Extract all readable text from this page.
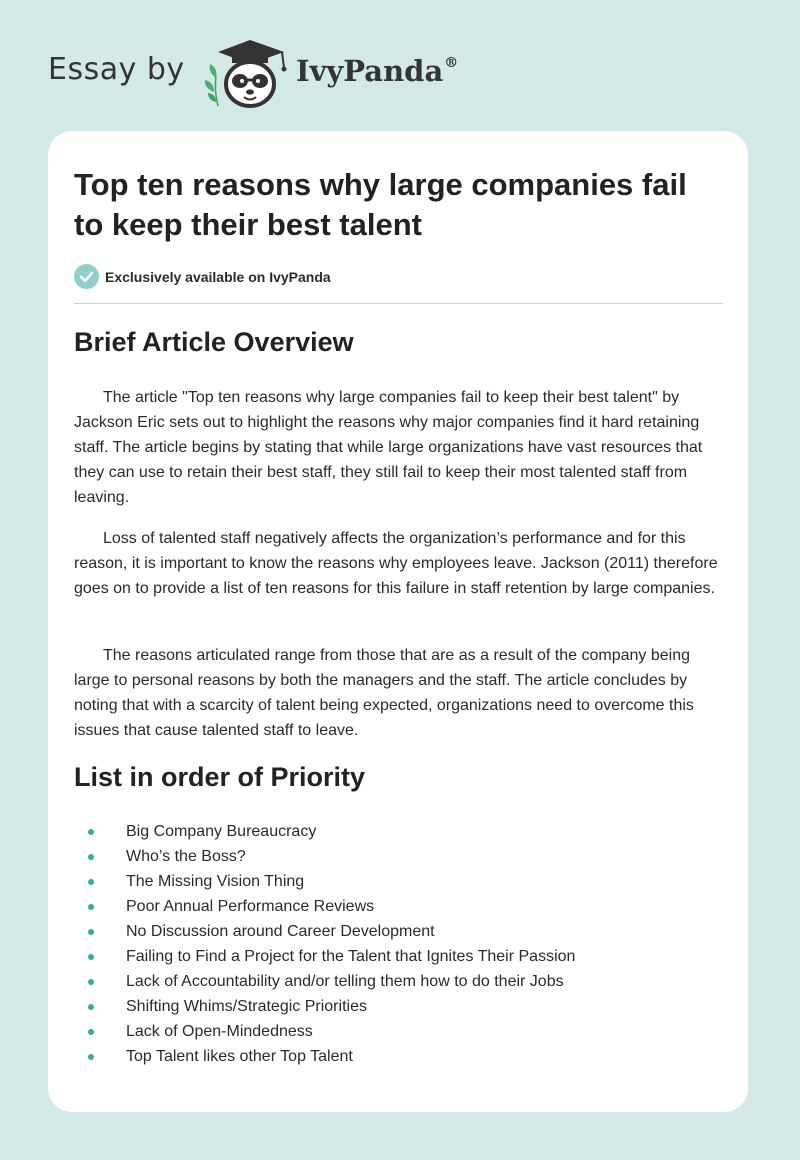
Essay by	IvyPanda®
Top ten reasons why large companies fail to keep their best talent
Exclusively available on IvyPanda
Brief Article Overview

The article "Top ten reasons why large companies fail to keep their best talent" by Jackson Eric sets out to highlight the reasons why major companies find it hard retaining staff. The article begins by stating that while large organizations have vast resources that they can use to retain their best staff, they still fail to keep their most talented staff from leaving.

Loss of talented staff negatively affects the organization’s performance and for this reason, it is important to know the reasons why employees leave. Jackson (2011) therefore goes on to provide a list of ten reasons for this failure in staff retention by large companies.

The reasons articulated range from those that are as a result of the company being large to personal reasons by both the managers and the staff. The article concludes by noting that with a scarcity of talent being expected, organizations need to overcome this issues that cause talented staff to leave.

List in order of Priority
Big Company Bureaucracy
Who’s the Boss?
The Missing Vision Thing
Poor Annual Performance Reviews
No Discussion around Career Development
Failing to Find a Project for the Talent that Ignites Their Passion
Lack of Accountability and/or telling them how to do their Jobs
Shifting Whims/Strategic Priorities
Lack of Open-Mindedness
Top Talent likes other Top Talent
